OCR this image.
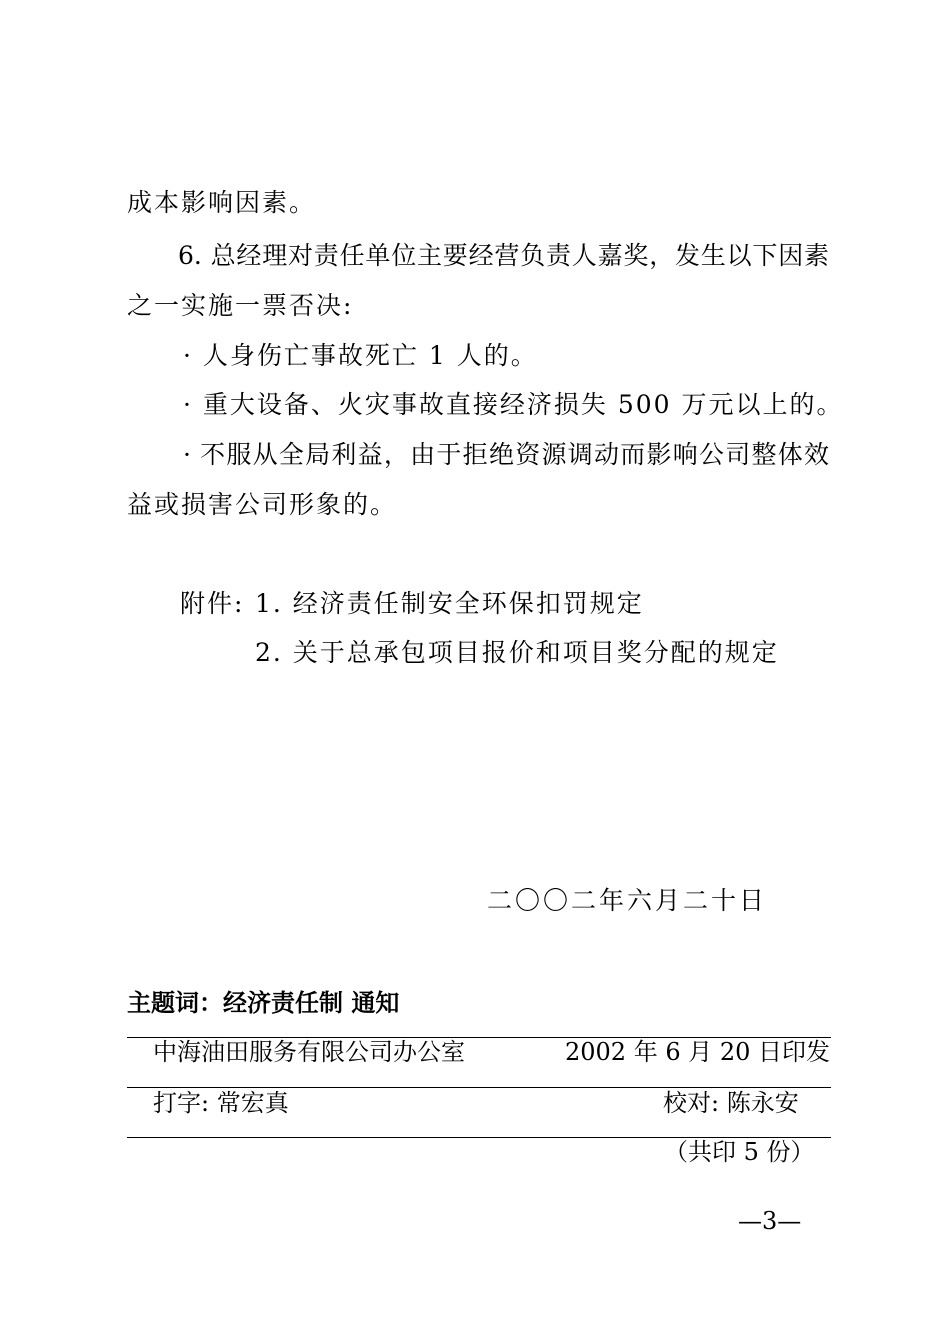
成本影响因素。
6. 总经理对责任单位主要经营负责人嘉奖，发生以下因素
之一实施一票否决:
· 人身伤亡事故死亡 1 人的。
· 重大设备、火灾事故直接经济损失 500 万元以上的。
· 不服从全局利益，由于拒绝资源调动而影响公司整体效
益或损害公司形象的。
附件: 1. 经济责任制安全环保扣罚规定
2. 关于总承包项目报价和项目奖分配的规定
二〇〇二年六月二十日
主题词：经济责任制 通知
中海油田服务有限公司办公室	2002 年 6 月 20 日印发
打字: 常宏真	校对: 陈永安
（共印 5 份）
—3—
